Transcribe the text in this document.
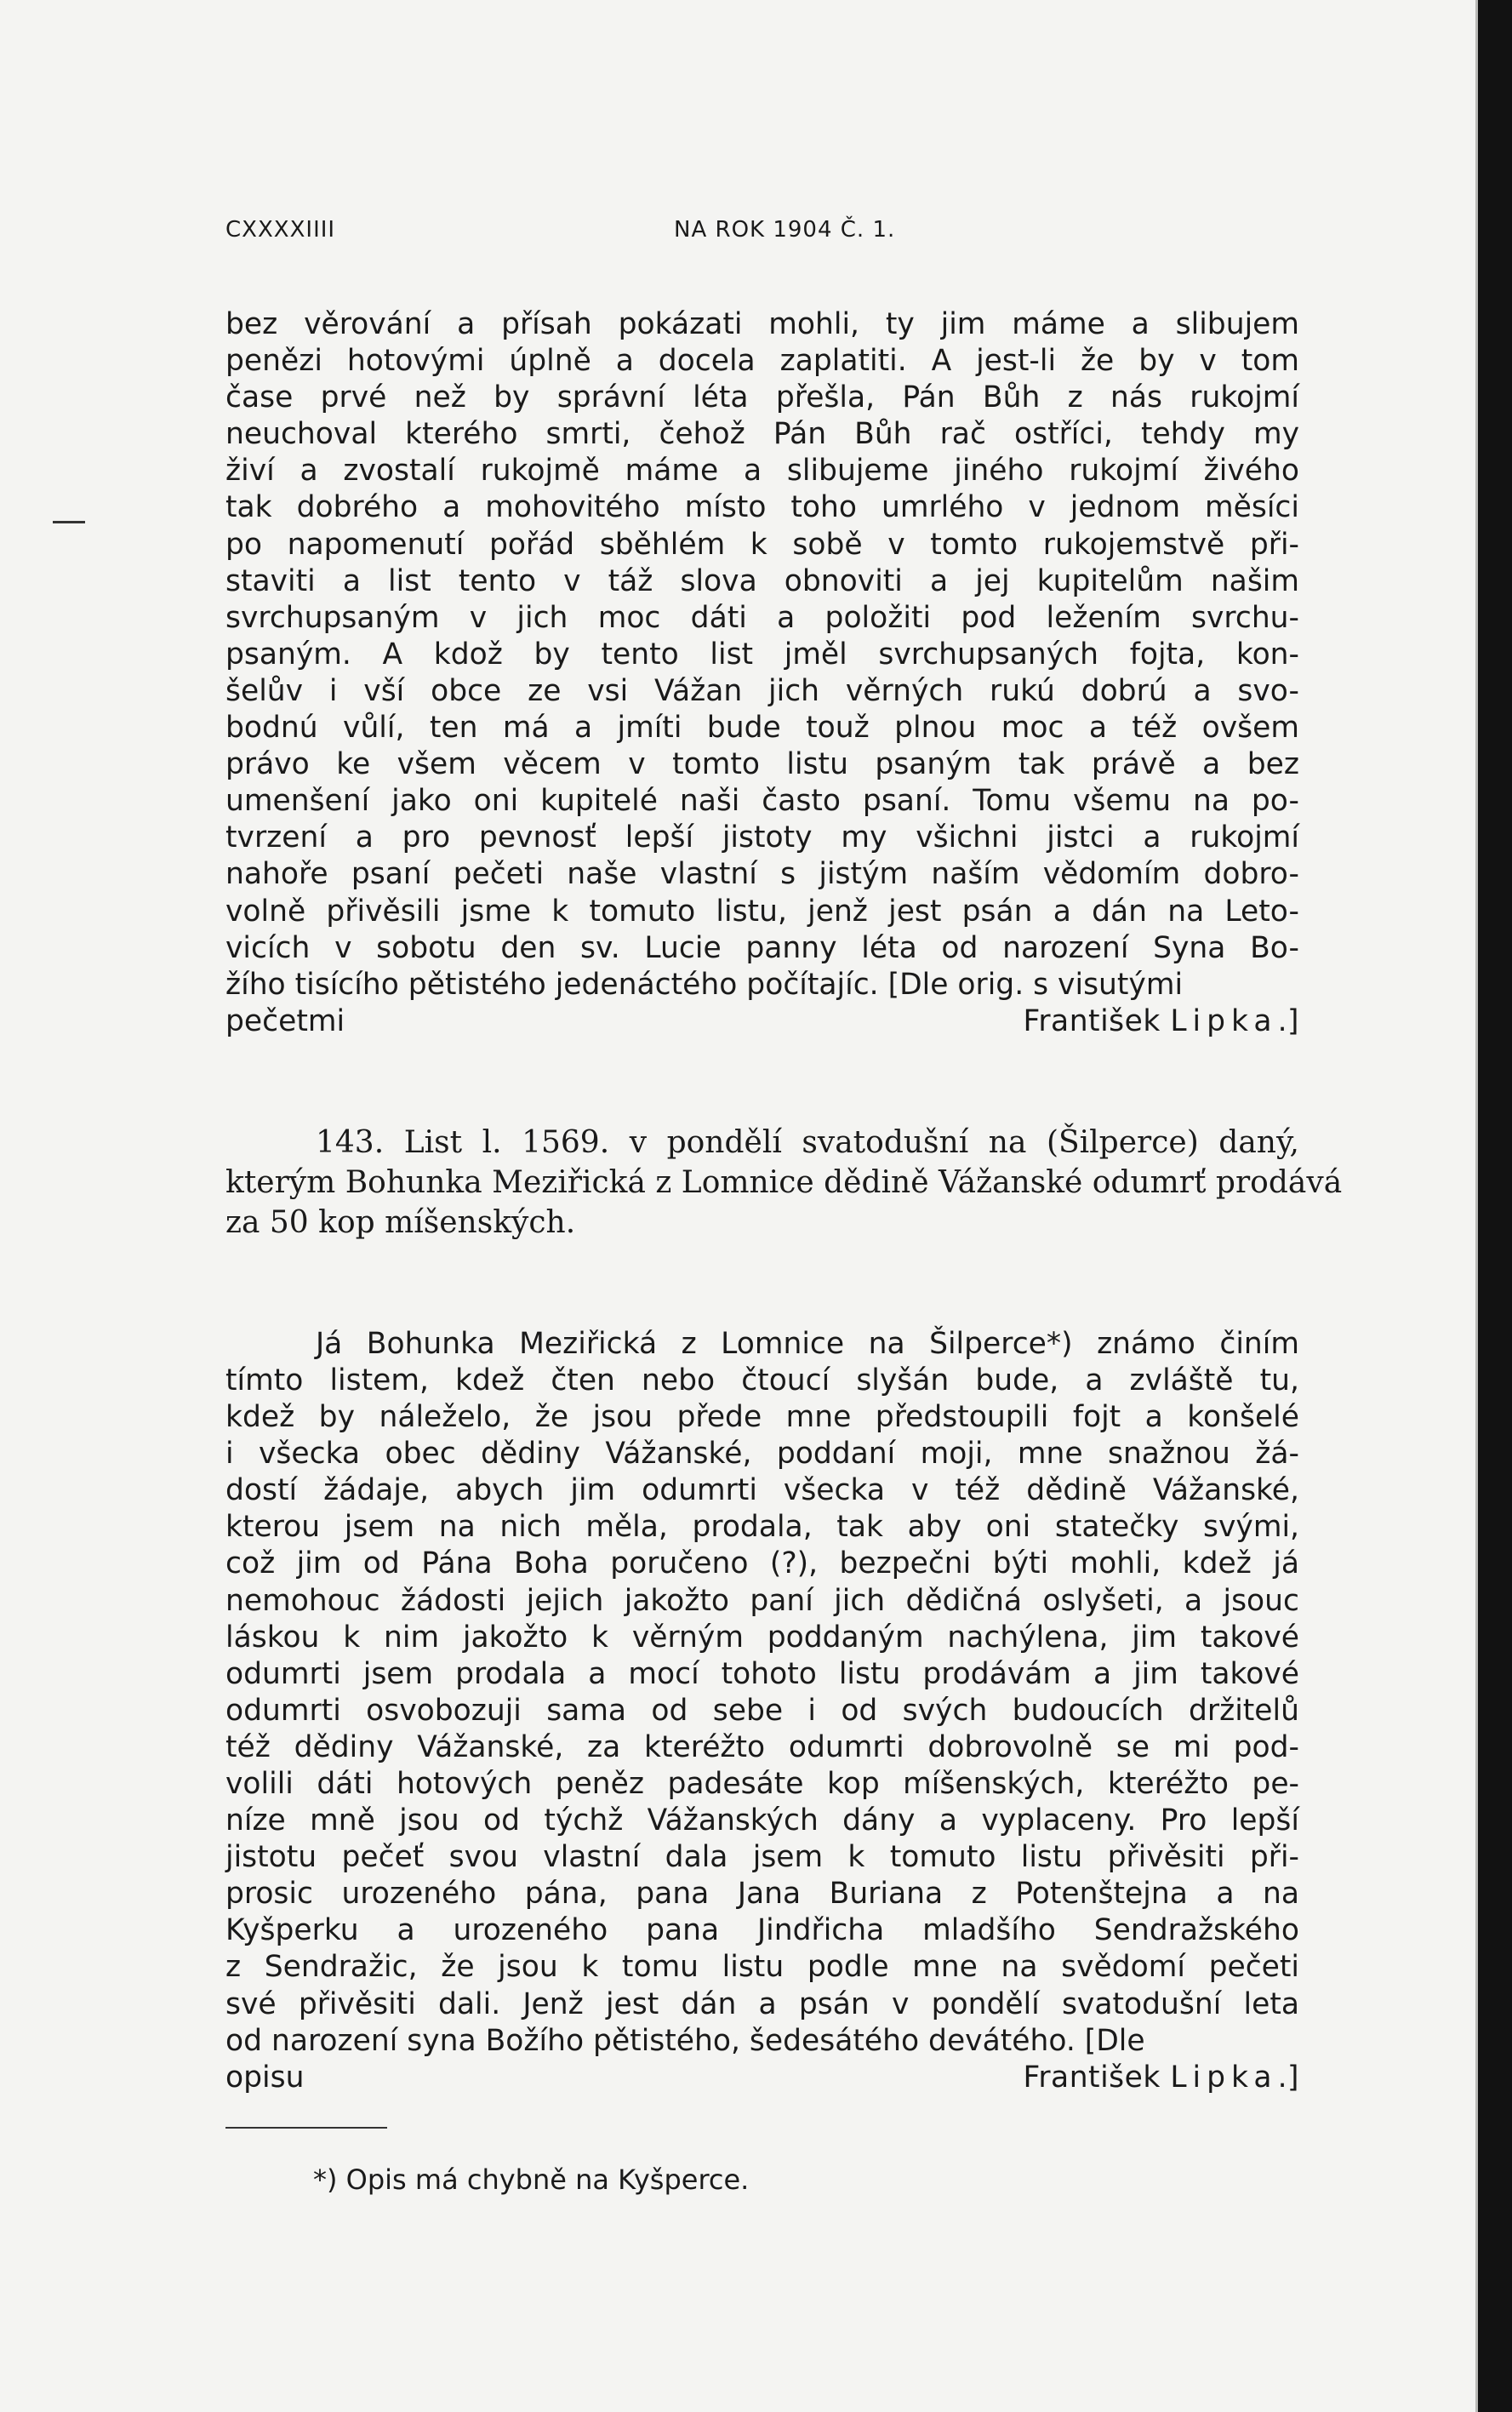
CXXXXIIII	NA ROK 1904 Č. 1.
bez věrování a přísah pokázati mohli, ty jim máme a slibujem
penězi hotovými úplně a docela zaplatiti. A jest-li že by v tom
čase prvé než by správní léta přešla, Pán Bůh z nás rukojmí
neuchoval kterého smrti, čehož Pán Bůh rač ostříci, tehdy my
živí a zvostalí rukojmě máme a slibujeme jiného rukojmí živého
tak dobrého a mohovitého místo toho umrlého v jednom měsíci
po napomenutí pořád sběhlém k sobě v tomto rukojemstvě při-
staviti a list tento v táž slova obnoviti a jej kupitelům našim
svrchupsaným v jich moc dáti a položiti pod ležením svrchu-
psaným. A kdož by tento list jměl svrchupsaných fojta, kon-
šelův i vší obce ze vsi Vážan jich věrných rukú dobrú a svo-
bodnú vůlí, ten má a jmíti bude touž plnou moc a též ovšem
právo ke všem věcem v tomto listu psaným tak právě a bez
umenšení jako oni kupitelé naši často psaní. Tomu všemu na po-
tvrzení a pro pevnosť lepší jistoty my všichni jistci a rukojmí
nahoře psaní pečeti naše vlastní s jistým naším vědomím dobro-
volně přivěsili jsme k tomuto listu, jenž jest psán a dán na Leto-
vicích v sobotu den sv. Lucie panny léta od narození Syna Bo-
žího tisícího pětistého jedenáctého počítajíc. [Dle orig. s visutými
pečetmi	František Lipka.]
143. List l. 1569. v pondělí svatodušní na (Šilperce) daný,
kterým Bohunka Meziřická z Lomnice dědině Vážanské odumrť prodává
za 50 kop míšenských.
Já Bohunka Meziřická z Lomnice na Šilperce*) známo činím
tímto listem, kdež čten nebo čtoucí slyšán bude, a zvláště tu,
kdež by náleželo, že jsou přede mne předstoupili fojt a konšelé
i všecka obec dědiny Vážanské, poddaní moji, mne snažnou žá-
dostí žádaje, abych jim odumrti všecka v též dědině Vážanské,
kterou jsem na nich měla, prodala, tak aby oni statečky svými,
což jim od Pána Boha poručeno (?), bezpečni býti mohli, kdež já
nemohouc žádosti jejich jakožto paní jich dědičná oslyšeti, a jsouc
láskou k nim jakožto k věrným poddaným nachýlena, jim takové
odumrti jsem prodala a mocí tohoto listu prodávám a jim takové
odumrti osvobozuji sama od sebe i od svých budoucích držitelů
též dědiny Vážanské, za kteréžto odumrti dobrovolně se mi pod-
volili dáti hotových peněz padesáte kop míšenských, kteréžto pe-
níze mně jsou od týchž Vážanských dány a vyplaceny. Pro lepší
jistotu pečeť svou vlastní dala jsem k tomuto listu přivěsiti při-
prosic urozeného pána, pana Jana Buriana z Potenštejna a na
Kyšperku a urozeného pana Jindřicha mladšího Sendražského
z Sendražic, že jsou k tomu listu podle mne na svědomí pečeti
své přivěsiti dali. Jenž jest dán a psán v pondělí svatodušní leta
od narození syna Božího pětistého, šedesátého devátého. [Dle
opisu	František Lipka.]
*) Opis má chybně na Kyšperce.
